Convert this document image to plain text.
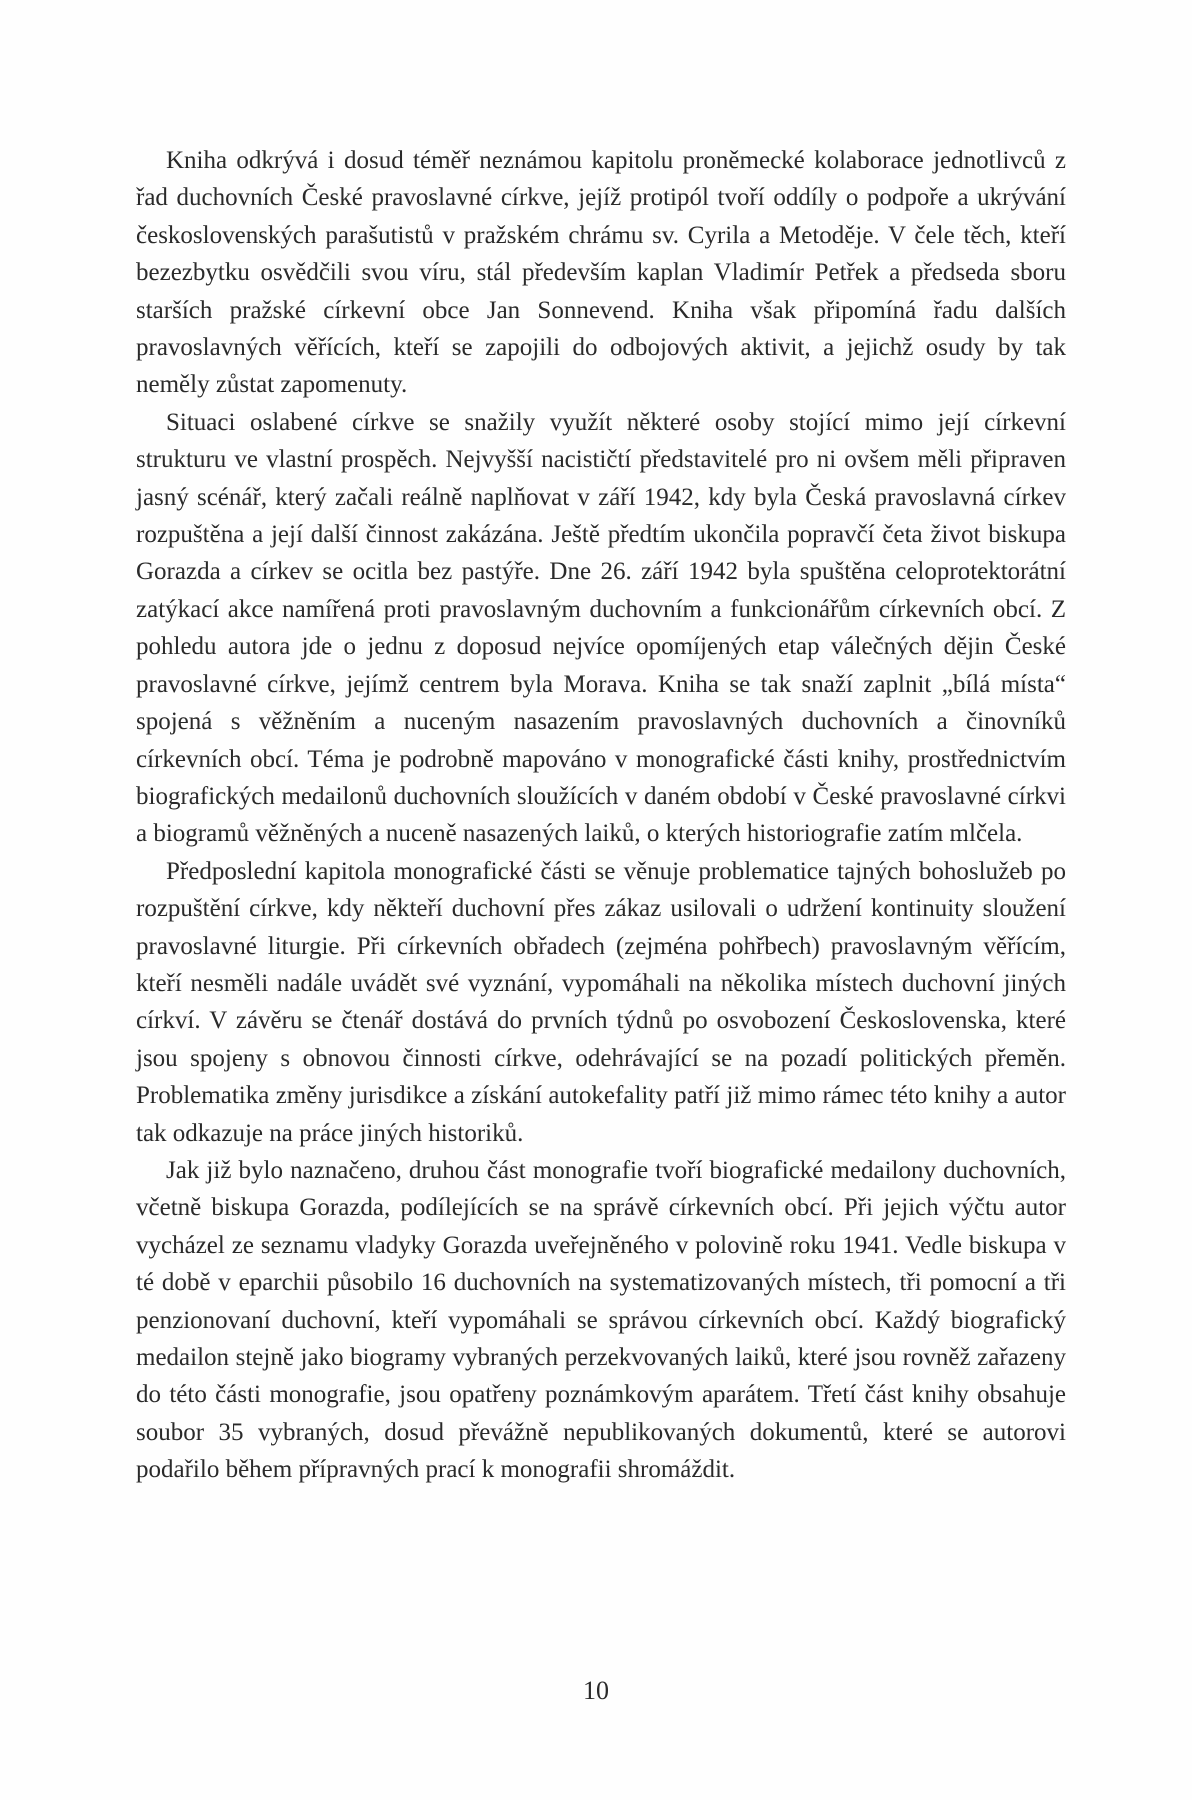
Kniha odkrývá i dosud téměř neznámou kapitolu proněmecké kolaborace jednotlivců z řad duchovních České pravoslavné církve, jejíž protipól tvoří oddíly o podpoře a ukrývání československých parašutistů v pražském chrámu sv. Cyrila a Metoděje. V čele těch, kteří bezezbytku osvědčili svou víru, stál především kaplan Vladimír Petřek a předseda sboru starších pražské církevní obce Jan Sonnevend. Kniha však připomíná řadu dalších pravoslavných věřících, kteří se zapojili do odbojových aktivit, a jejichž osudy by tak neměly zůstat zapomenuty.

Situaci oslabené církve se snažily využít některé osoby stojící mimo její církevní strukturu ve vlastní prospěch. Nejvyšší nacističtí představitelé pro ni ovšem měli připraven jasný scénář, který začali reálně naplňovat v září 1942, kdy byla Česká pravoslavná církev rozpuštěna a její další činnost zakázána. Ještě předtím ukončila popravčí četa život biskupa Gorazda a církev se ocitla bez pastýře. Dne 26. září 1942 byla spuštěna celoprotektorátní zatýkací akce namířená proti pravoslavným duchovním a funkcionářům církevních obcí. Z pohledu autora jde o jednu z doposud nejvíce opomíjených etap válečných dějin České pravoslavné církve, jejímž centrem byla Morava. Kniha se tak snaží zaplnit „bílá místa“ spojená s věžněním a nuceným nasazením pravoslavných duchovních a činovníků církevních obcí. Téma je podrobně mapováno v monografické části knihy, prostřednictvím biografických medailonů duchovních sloužících v daném období v České pravoslavné církvi a biogramů věžněných a nuceně nasazených laiků, o kterých historiografie zatím mlčela.

Předposlední kapitola monografické části se věnuje problematice tajných bohoslužeb po rozpuštění církve, kdy někteří duchovní přes zákaz usilovali o udržení kontinuity sloužení pravoslavné liturgie. Při církevních obřadech (zejména pohřbech) pravoslavným věřícím, kteří nesměli nadále uvádět své vyznání, vypomáhali na několika místech duchovní jiných církví. V závěru se čtenář dostává do prvních týdnů po osvobození Československa, které jsou spojeny s obnovou činnosti církve, odehrávající se na pozadí politických přeměn. Problematika změny jurisdikce a získání autokefality patří již mimo rámec této knihy a autor tak odkazuje na práce jiných historiků.

Jak již bylo naznačeno, druhou část monografie tvoří biografické medailony duchovních, včetně biskupa Gorazda, podílejících se na správě církevních obcí. Při jejich výčtu autor vycházel ze seznamu vladyky Gorazda uveřejněného v polovině roku 1941. Vedle biskupa v té době v eparchii působilo 16 duchovních na systematizovaných místech, tři pomocní a tři penzionovaní duchovní, kteří vypomáhali se správou církevních obcí. Každý biografický medailon stejně jako biogramy vybraných perzekvovaných laiků, které jsou rovněž zařazeny do této části monografie, jsou opatřeny poznámkovým aparátem. Třetí část knihy obsahuje soubor 35 vybraných, dosud převážně nepublikovaných dokumentů, které se autorovi podařilo během přípravných prací k monografii shromáždit.

10
